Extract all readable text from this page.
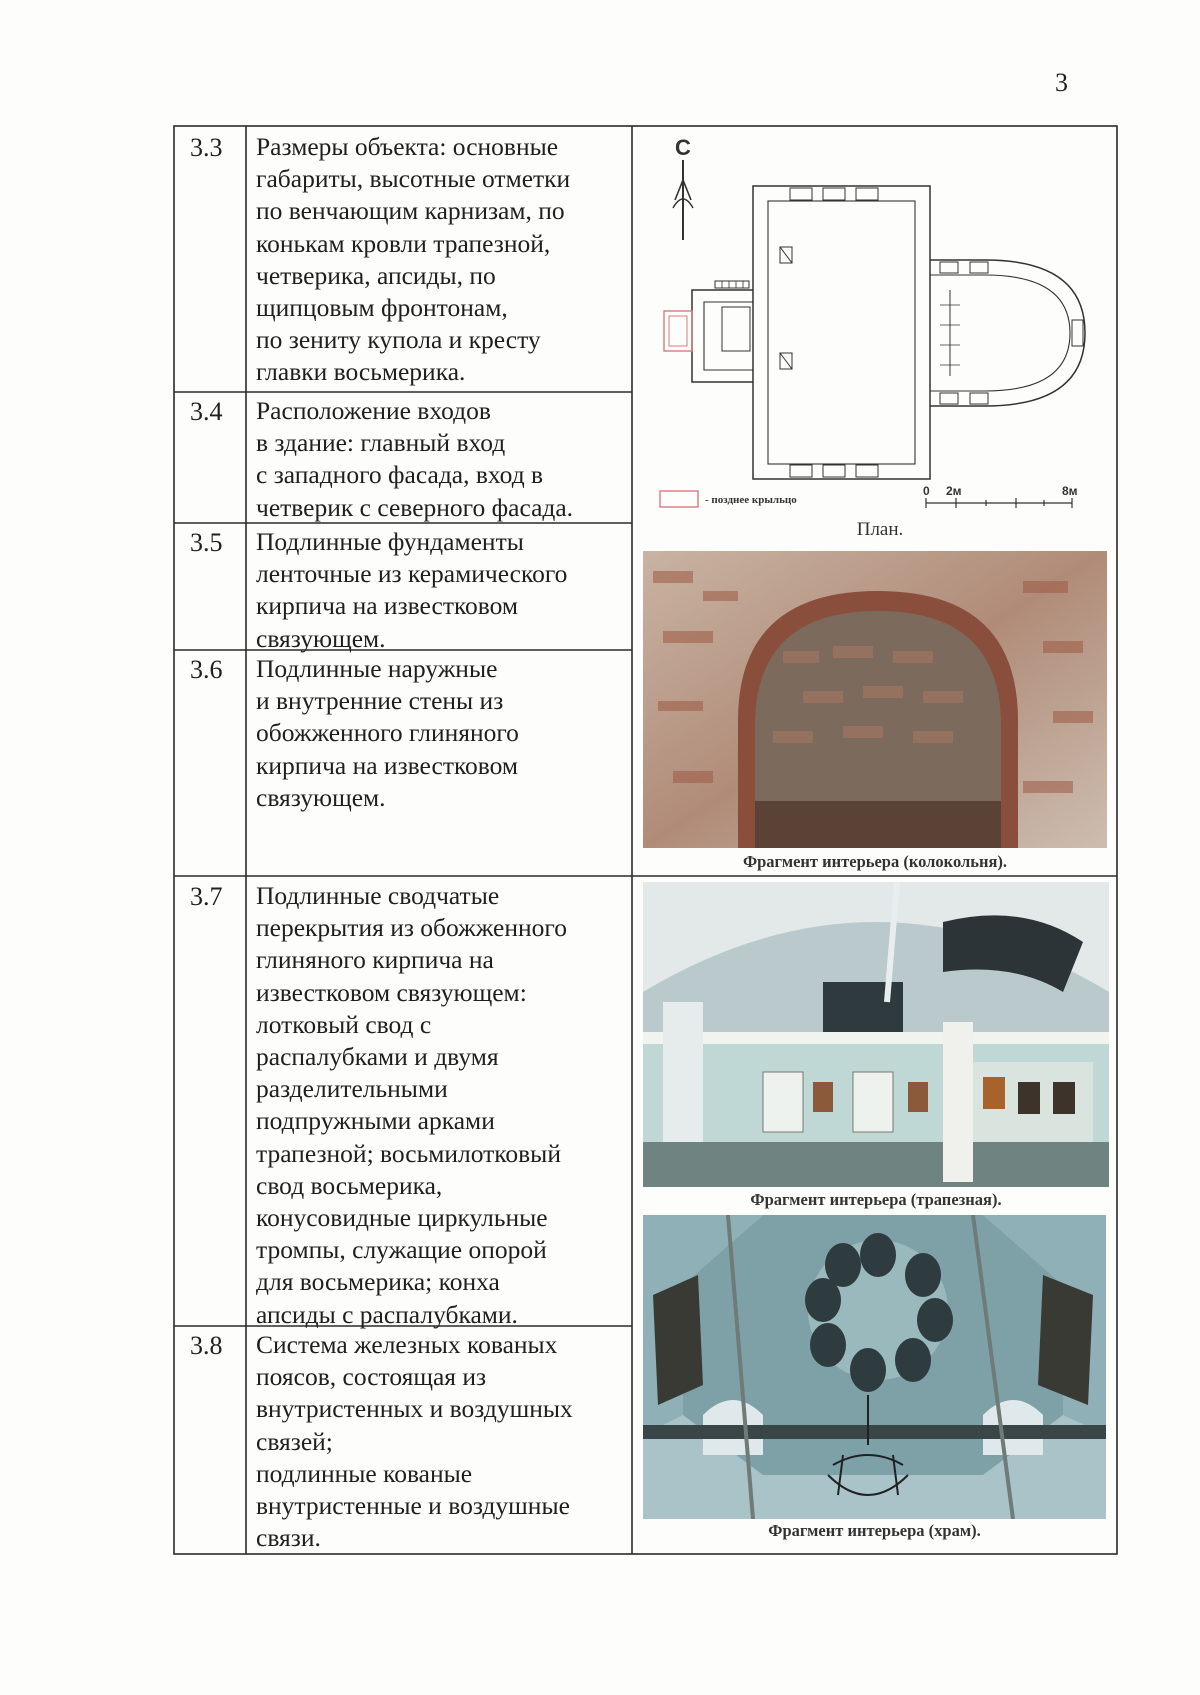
3
3.3	Размеры объекта: основные
габариты, высотные отметки
по венчающим карнизам, по
конькам кровли трапезной,
четверика, апсиды, по
щипцовым фронтонам,
по зениту купола и кресту
главки восьмерика.
3.4	Расположение входов
в здание: главный вход
с западного фасада, вход в
четверик с северного фасада.
3.5	Подлинные фундаменты
ленточные из керамического
кирпича на известковом
связующем.
3.6	Подлинные наружные
и внутренние стены из
обожженного глиняного
кирпича на известковом
связующем.
3.7	Подлинные сводчатые
перекрытия из обожженного
глиняного кирпича на
известковом связующем:
лотковый свод с
распалубками и двумя
разделительными
подпружными арками
трапезной; восьмилотковый
свод восьмерика,
конусовидные циркульные
тромпы, служащие опорой
для восьмерика; конха
апсиды с распалубками.
3.8	Система железных кованых
поясов, состоящая из
внутристенных и воздушных
связей;
подлинные кованые
внутристенные и воздушные
связи.
С
- позднее крыльцо
0 2м	8м
План.
Фрагмент интерьера (колокольня).
Фрагмент интерьера (трапезная).
Фрагмент интерьера (храм).
